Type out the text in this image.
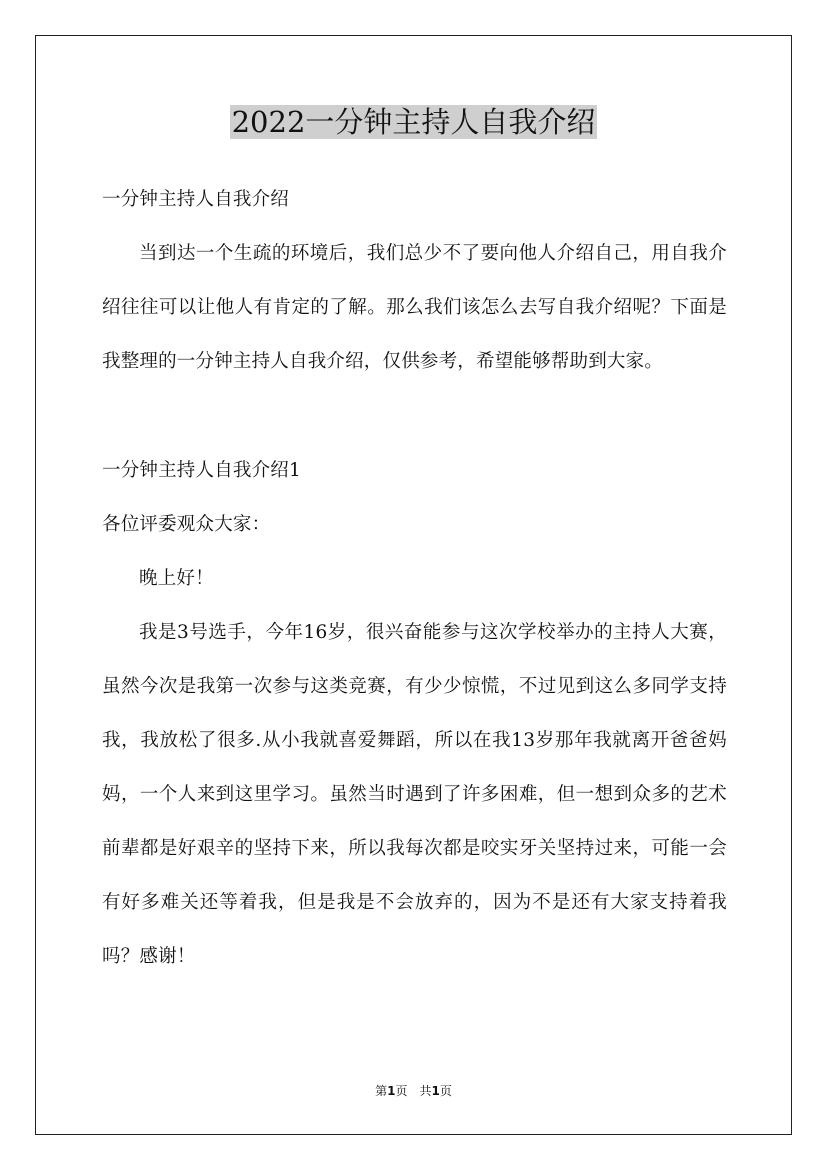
2022一分钟主持人自我介绍

一分钟主持人自我介绍

当到达一个生疏的环境后，我们总少不了要向他人介绍自己，用自我介绍往往可以让他人有肯定的了解。那么我们该怎么去写自我介绍呢？下面是我整理的一分钟主持人自我介绍，仅供参考，希望能够帮助到大家。

一分钟主持人自我介绍1

各位评委观众大家：

晚上好！

我是3号选手，今年16岁，很兴奋能参与这次学校举办的主持人大赛，虽然今次是我第一次参与这类竞赛，有少少惊慌，不过见到这么多同学支持我，我放松了很多.从小我就喜爱舞蹈，所以在我13岁那年我就离开爸爸妈妈，一个人来到这里学习。虽然当时遇到了许多困难，但一想到众多的艺术前辈都是好艰辛的坚持下来，所以我每次都是咬实牙关坚持过来，可能一会有好多难关还等着我，但是我是不会放弃的，因为不是还有大家支持着我吗？感谢！

第1页　共1页
